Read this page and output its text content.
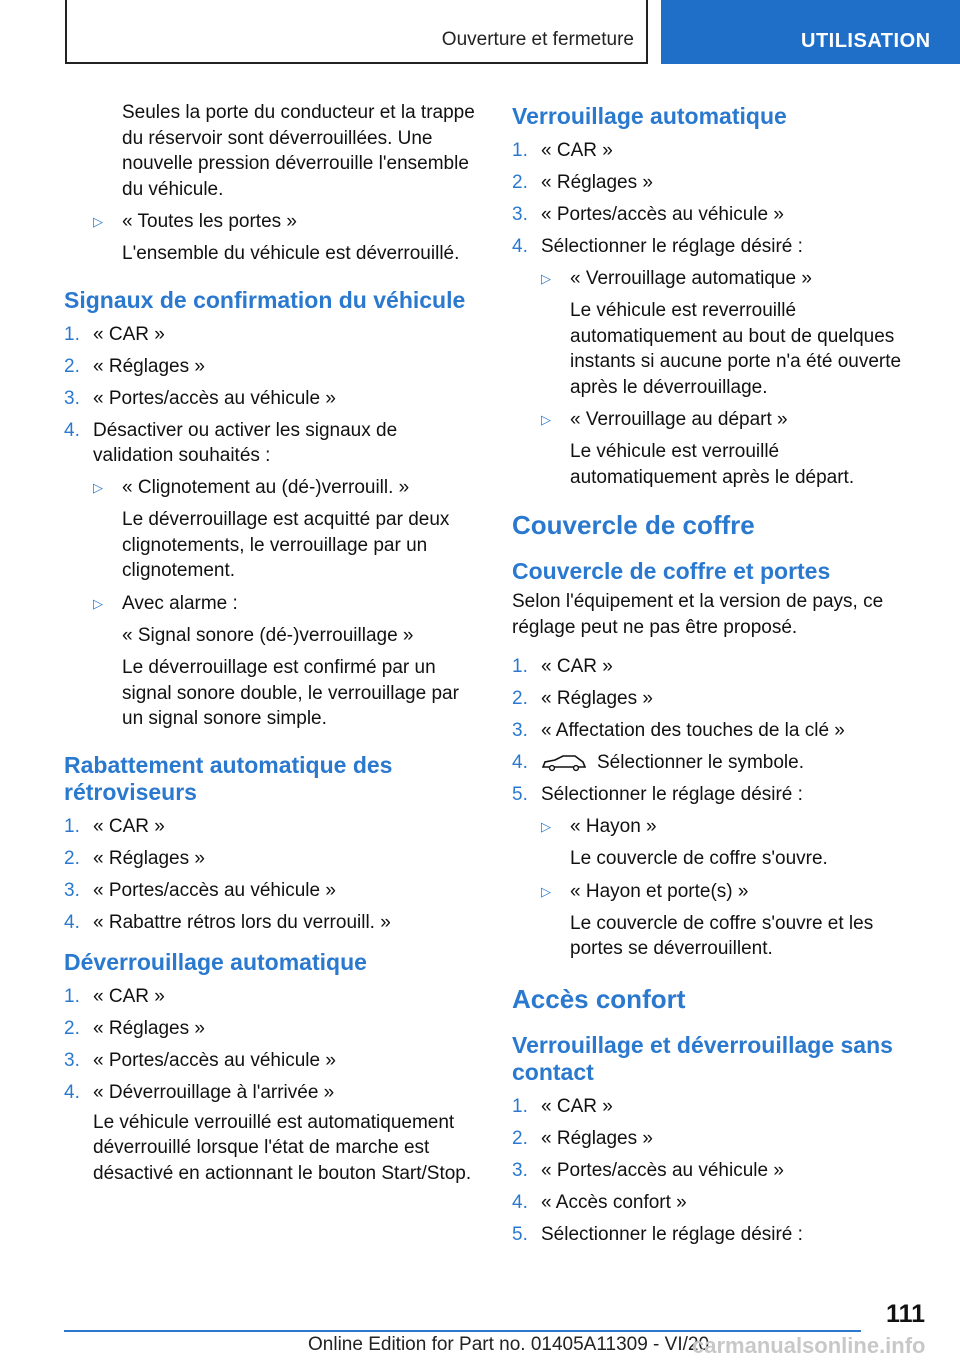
Ouverture et fermeture	UTILISATION

Seules la porte du conducteur et la trappe du réservoir sont déverrouillées. Une nouvelle pression déverrouille l'ensemble du véhicule.

▷ « Toutes les portes »

L'ensemble du véhicule est déverrouillé.

Signaux de confirmation du véhicule
1. « CAR »
2. « Réglages »
3. « Portes/accès au véhicule »
4. Désactiver ou activer les signaux de validation souhaités :
▷ « Clignotement au (dé-)verrouill. »

Le déverrouillage est acquitté par deux clignotements, le verrouillage par un clignotement.

▷ Avec alarme :

« Signal sonore (dé-)verrouillage »

Le déverrouillage est confirmé par un signal sonore double, le verrouillage par un signal sonore simple.

Rabattement automatique des rétroviseurs
1. « CAR »
2. « Réglages »
3. « Portes/accès au véhicule »
4. « Rabattre rétros lors du verrouill. »
Déverrouillage automatique
1. « CAR »
2. « Réglages »
3. « Portes/accès au véhicule »
4. « Déverrouillage à l'arrivée »

Le véhicule verrouillé est automatiquement déverrouillé lorsque l'état de marche est désactivé en actionnant le bouton Start/Stop.

Verrouillage automatique
1. « CAR »
2. « Réglages »
3. « Portes/accès au véhicule »
4. Sélectionner le réglage désiré :
▷ « Verrouillage automatique »

Le véhicule est reverrouillé automatiquement au bout de quelques instants si aucune porte n'a été ouverte après le déverrouillage.

▷ « Verrouillage au départ »

Le véhicule est verrouillé automatiquement après le départ.

Couvercle de coffre
Couvercle de coffre et portes

Selon l'équipement et la version de pays, ce réglage peut ne pas être proposé.

1. « CAR »
2. « Réglages »
3. « Affectation des touches de la clé »
4.	Sélectionner le symbole.
5. Sélectionner le réglage désiré :
▷ « Hayon »

Le couvercle de coffre s'ouvre.

▷ « Hayon et porte(s) »

Le couvercle de coffre s'ouvre et les portes se déverrouillent.

Accès confort
Verrouillage et déverrouillage sans contact
1. « CAR »
2. « Réglages »
3. « Portes/accès au véhicule »
4. « Accès confort »
5. Sélectionner le réglage désiré :
111
Online Edition for Part no. 01405A11309 - VI/20
carmanualsonline.info
